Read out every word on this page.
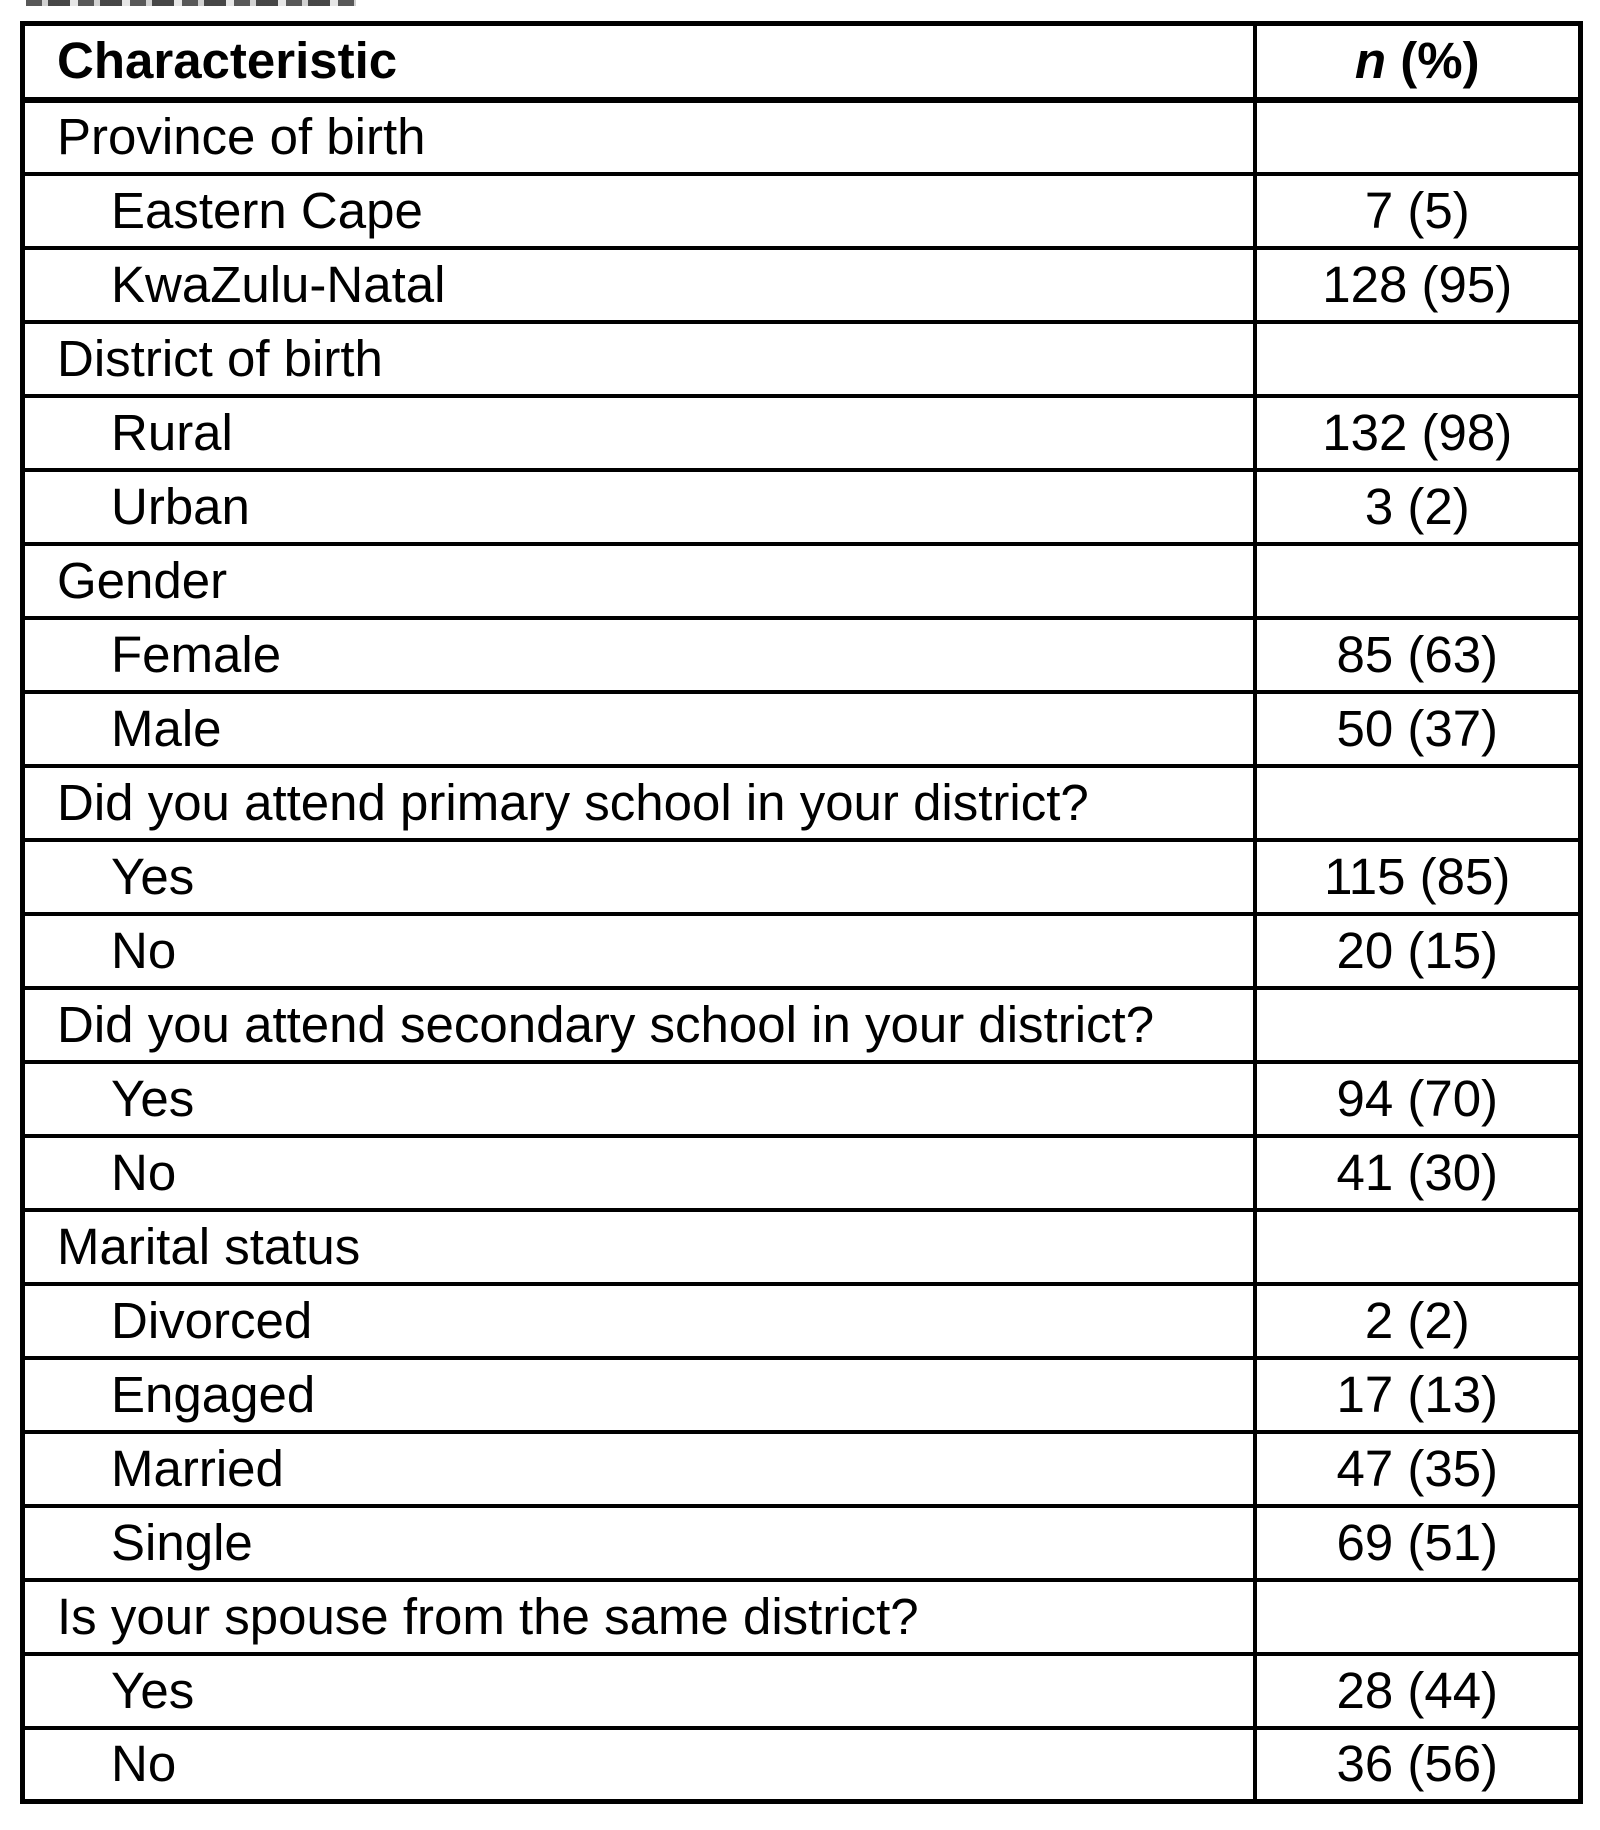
Characteristic	n (%)
Province of birth	
Eastern Cape	7 (5)
KwaZulu-Natal	128 (95)
District of birth	
Rural	132 (98)
Urban	3 (2)
Gender	
Female	85 (63)
Male	50 (37)
Did you attend primary school in your district?	
Yes	115 (85)
No	20 (15)
Did you attend secondary school in your district?	
Yes	94 (70)
No	41 (30)
Marital status	
Divorced	2 (2)
Engaged	17 (13)
Married	47 (35)
Single	69 (51)
Is your spouse from the same district?	
Yes	28 (44)
No	36 (56)
